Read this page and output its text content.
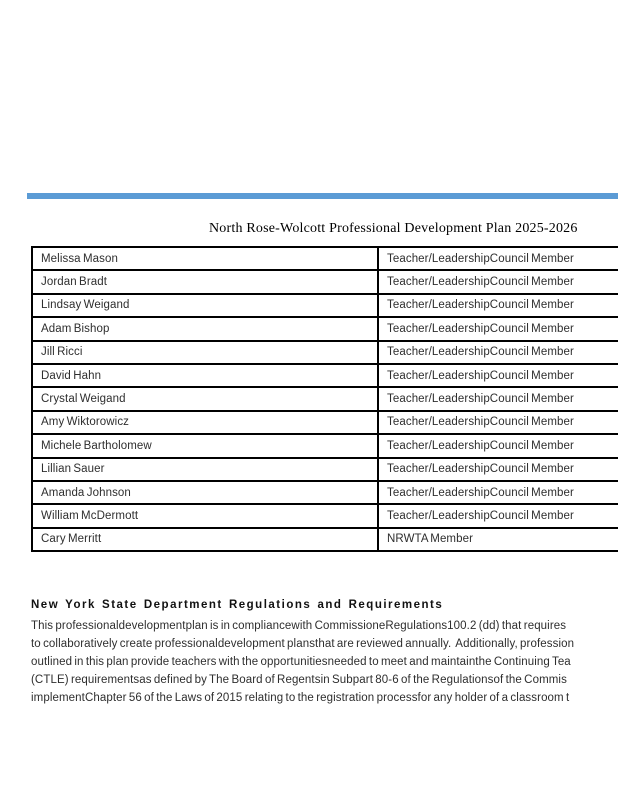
North Rose-Wolcott Professional Development Plan 2025-2026
Melissa Mason	Teacher/LeadershipCouncil Member
Jordan Bradt	Teacher/LeadershipCouncil Member
Lindsay Weigand	Teacher/LeadershipCouncil Member
Adam Bishop	Teacher/LeadershipCouncil Member
Jill Ricci	Teacher/LeadershipCouncil Member
David Hahn	Teacher/LeadershipCouncil Member
Crystal Weigand	Teacher/LeadershipCouncil Member
Amy Wiktorowicz	Teacher/LeadershipCouncil Member
Michele Bartholomew	Teacher/LeadershipCouncil Member
Lillian Sauer	Teacher/LeadershipCouncil Member
Amanda Johnson	Teacher/LeadershipCouncil Member
William McDermott	Teacher/LeadershipCouncil Member
Cary Merritt	NRWTA Member
New York State Department Regulations and Requirements
This professionaldevelopmentplan is in compliancewith CommissioneRegulations100.2 (dd) that requires
to collaboratively create professionaldevelopment plansthat are reviewed annually.  Additionally, profession
outlined in this plan provide teachers with the opportunitiesneeded to meet and maintainthe Continuing Tea
(CTLE) requirementsas defined by The Board of Regentsin Subpart 80-6 of the Regulationsof the Commis
implementChapter 56 of the Laws of 2015 relating to the registration processfor any holder of a classroom t
